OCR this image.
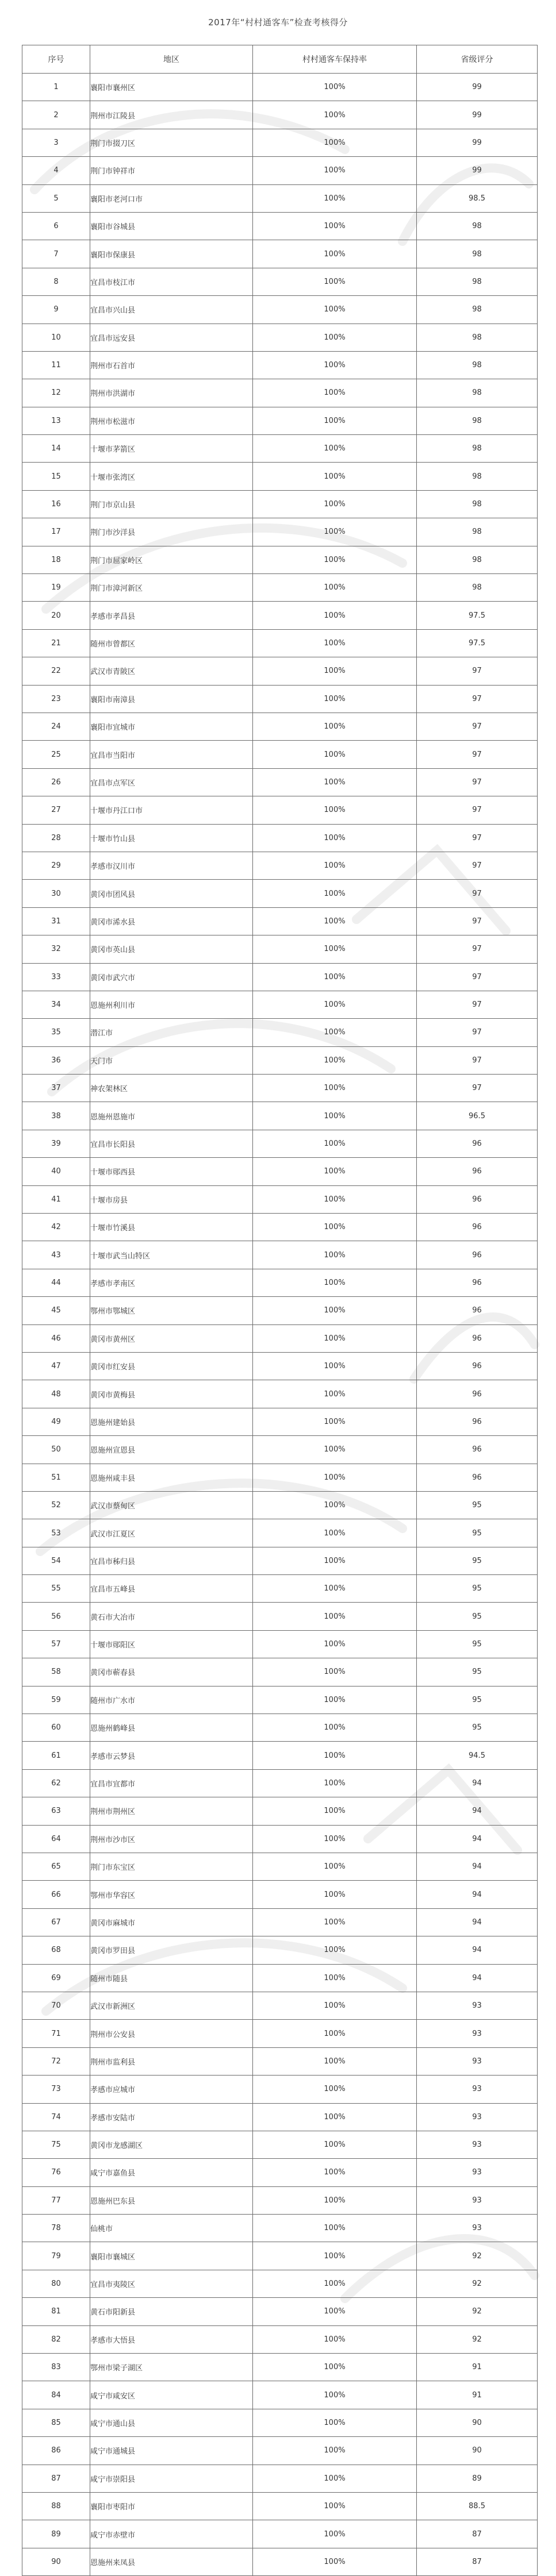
2017年“村村通客车”检查考核得分
序号	地区	村村通客车保持率	省级评分
1	襄阳市襄州区	100%	99
2	荆州市江陵县	100%	99
3	荆门市掇刀区	100%	99
4	荆门市钟祥市	100%	99
5	襄阳市老河口市	100%	98.5
6	襄阳市谷城县	100%	98
7	襄阳市保康县	100%	98
8	宜昌市枝江市	100%	98
9	宜昌市兴山县	100%	98
10	宜昌市远安县	100%	98
11	荆州市石首市	100%	98
12	荆州市洪湖市	100%	98
13	荆州市松滋市	100%	98
14	十堰市茅箭区	100%	98
15	十堰市张湾区	100%	98
16	荆门市京山县	100%	98
17	荆门市沙洋县	100%	98
18	荆门市屈家岭区	100%	98
19	荆门市漳河新区	100%	98
20	孝感市孝昌县	100%	97.5
21	随州市曾都区	100%	97.5
22	武汉市青陂区	100%	97
23	襄阳市南漳县	100%	97
24	襄阳市宜城市	100%	97
25	宜昌市当阳市	100%	97
26	宜昌市点军区	100%	97
27	十堰市丹江口市	100%	97
28	十堰市竹山县	100%	97
29	孝感市汉川市	100%	97
30	黄冈市团风县	100%	97
31	黄冈市浠水县	100%	97
32	黄冈市英山县	100%	97
33	黄冈市武穴市	100%	97
34	恩施州利川市	100%	97
35	潜江市	100%	97
36	天门市	100%	97
37	神农架林区	100%	97
38	恩施州恩施市	100%	96.5
39	宜昌市长阳县	100%	96
40	十堰市郧西县	100%	96
41	十堰市房县	100%	96
42	十堰市竹溪县	100%	96
43	十堰市武当山特区	100%	96
44	孝感市孝南区	100%	96
45	鄂州市鄂城区	100%	96
46	黄冈市黄州区	100%	96
47	黄冈市红安县	100%	96
48	黄冈市黄梅县	100%	96
49	恩施州建始县	100%	96
50	恩施州宣恩县	100%	96
51	恩施州咸丰县	100%	96
52	武汉市蔡甸区	100%	95
53	武汉市江夏区	100%	95
54	宜昌市秭归县	100%	95
55	宜昌市五峰县	100%	95
56	黄石市大冶市	100%	95
57	十堰市郧阳区	100%	95
58	黄冈市蕲春县	100%	95
59	随州市广水市	100%	95
60	恩施州鹤峰县	100%	95
61	孝感市云梦县	100%	94.5
62	宜昌市宜都市	100%	94
63	荆州市荆州区	100%	94
64	荆州市沙市区	100%	94
65	荆门市东宝区	100%	94
66	鄂州市华容区	100%	94
67	黄冈市麻城市	100%	94
68	黄冈市罗田县	100%	94
69	随州市随县	100%	94
70	武汉市新洲区	100%	93
71	荆州市公安县	100%	93
72	荆州市监利县	100%	93
73	孝感市应城市	100%	93
74	孝感市安陆市	100%	93
75	黄冈市龙感湖区	100%	93
76	咸宁市嘉鱼县	100%	93
77	恩施州巴东县	100%	93
78	仙桃市	100%	93
79	襄阳市襄城区	100%	92
80	宜昌市夷陵区	100%	92
81	黄石市阳新县	100%	92
82	孝感市大悟县	100%	92
83	鄂州市梁子湖区	100%	91
84	咸宁市咸安区	100%	91
85	咸宁市通山县	100%	90
86	咸宁市通城县	100%	90
87	咸宁市崇阳县	100%	89
88	襄阳市枣阳市	100%	88.5
89	咸宁市赤壁市	100%	87
90	恩施州来凤县	100%	87
